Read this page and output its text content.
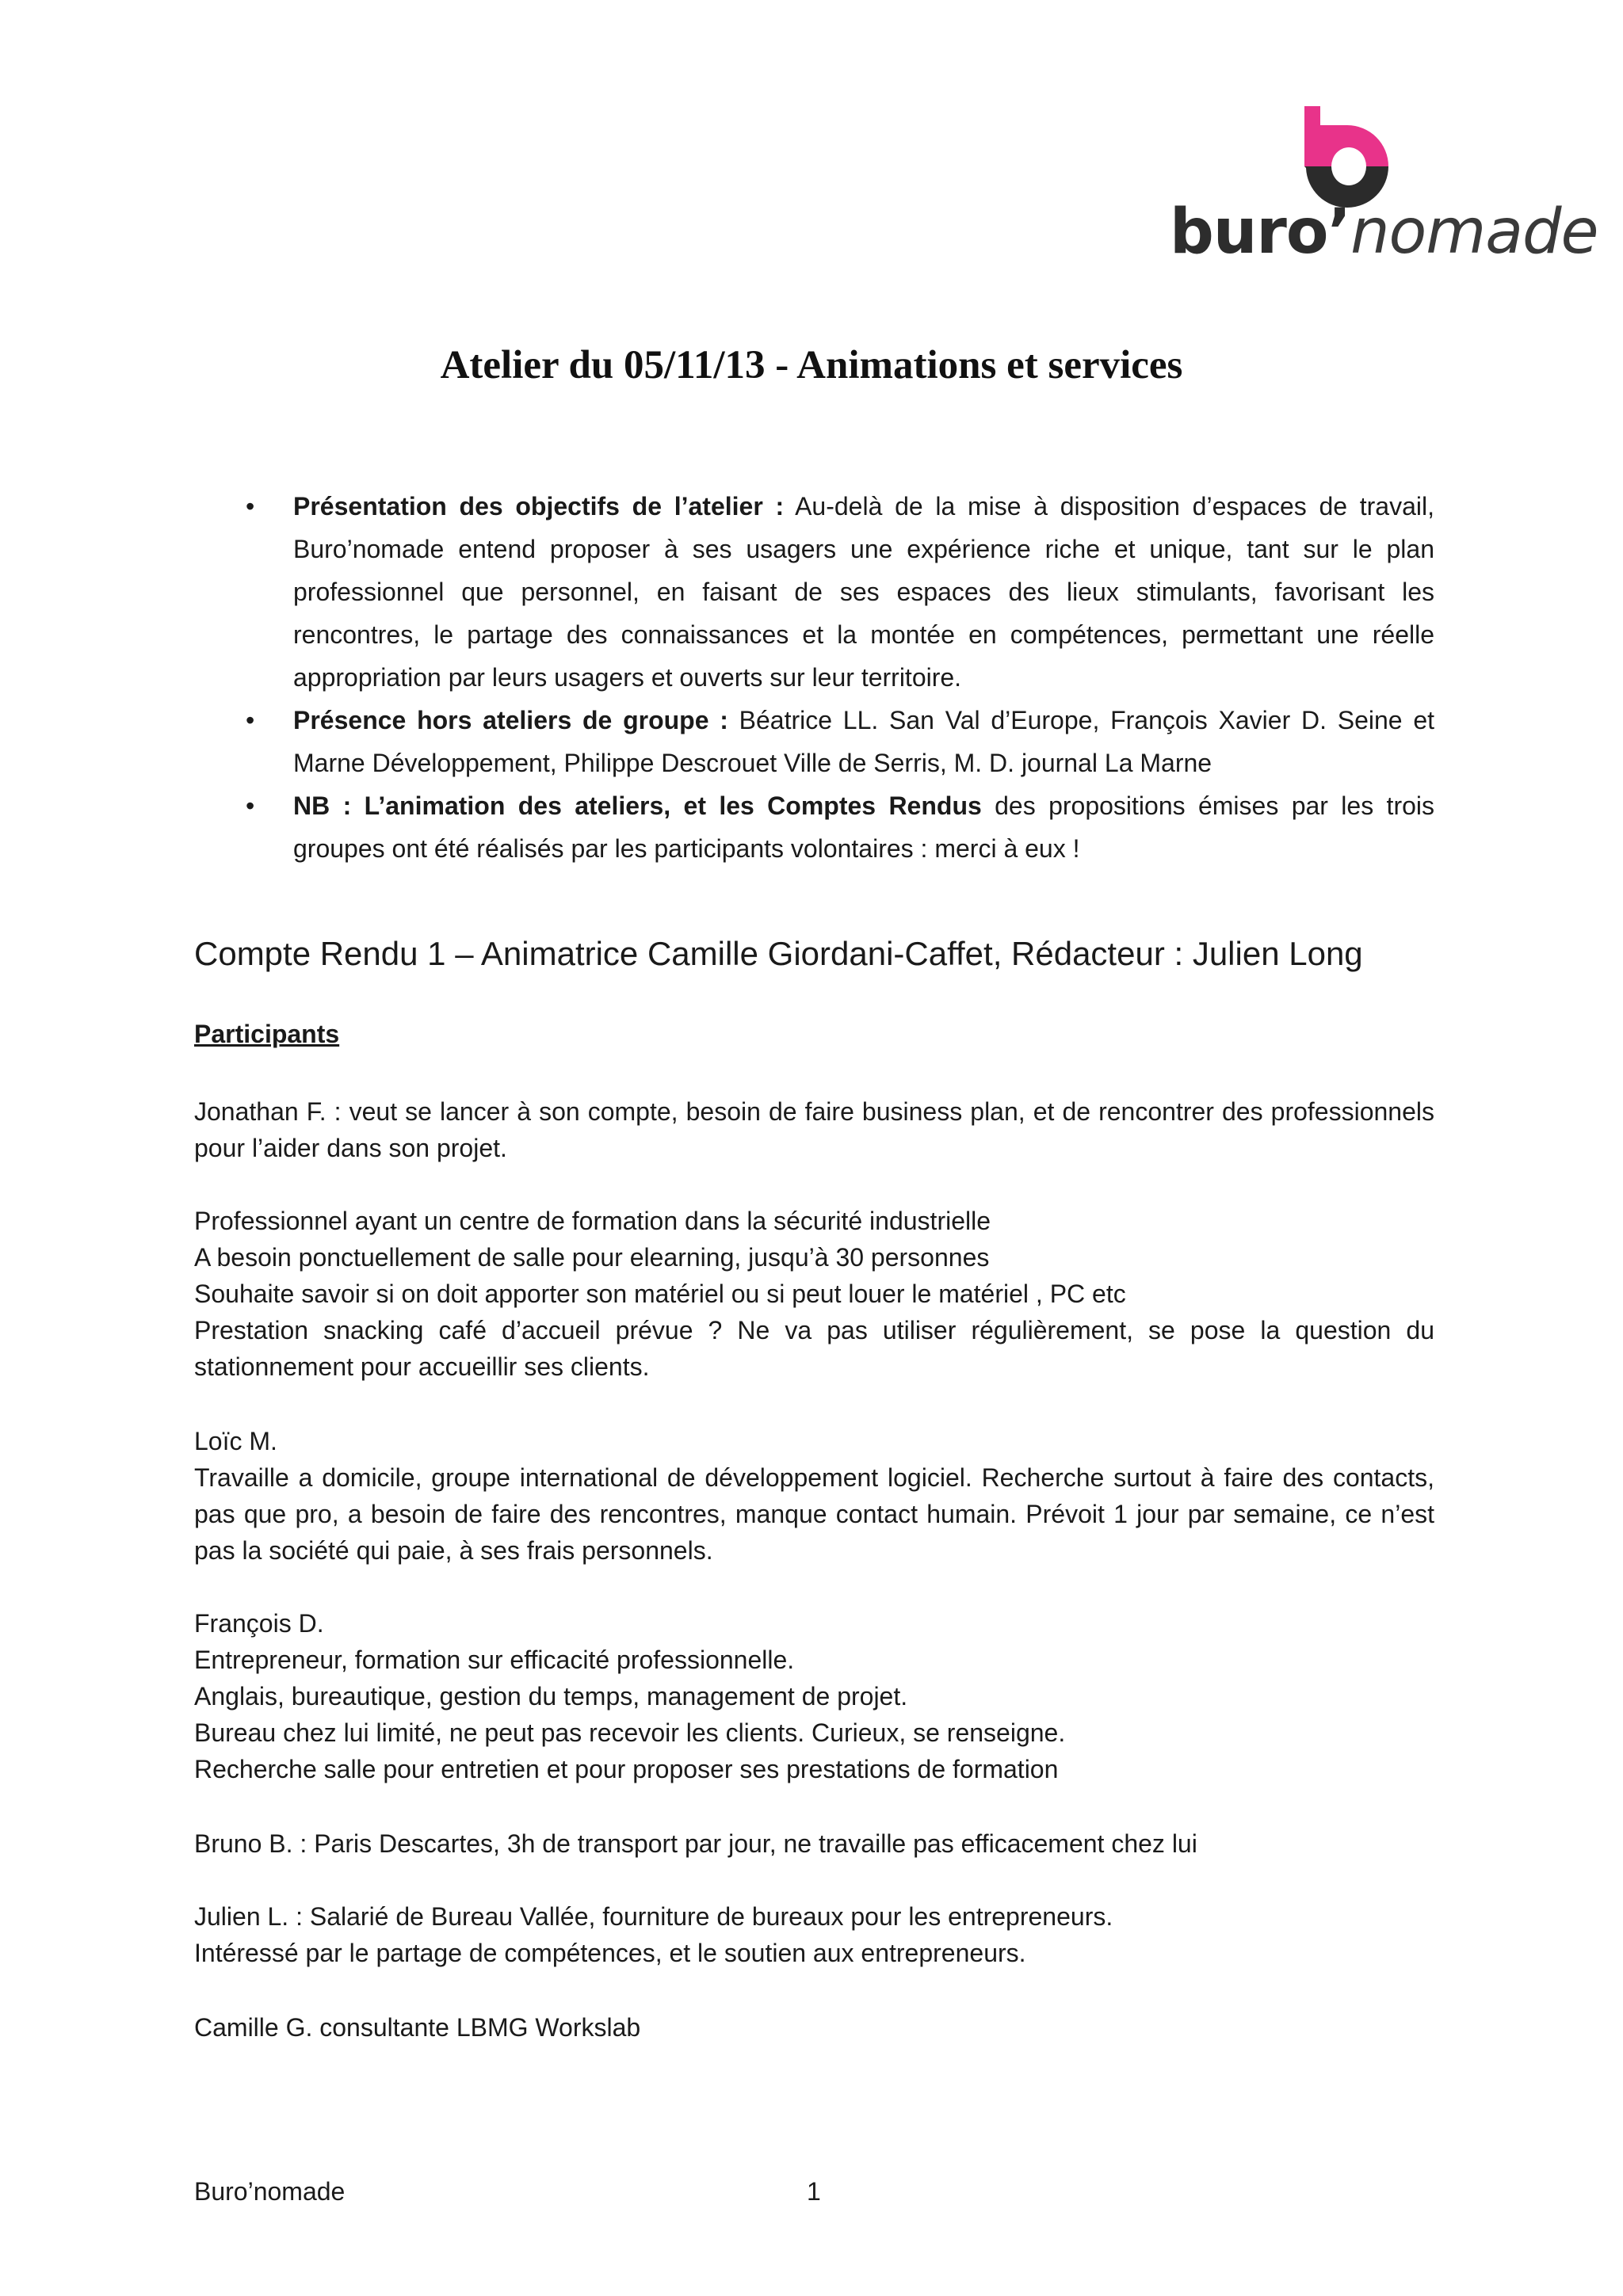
buro’nomade
Atelier du 05/11/13 - Animations et services
• Présentation des objectifs de l’atelier : Au-delà de la mise à disposition d’espaces de travail, Buro’nomade entend proposer à ses usagers une expérience riche et unique, tant sur le plan professionnel que personnel, en faisant de ses espaces des lieux stimulants, favorisant les rencontres, le partage des connaissances et la montée en compétences, permettant une réelle appropriation par leurs usagers et ouverts sur leur territoire.
• Présence hors ateliers de groupe : Béatrice LL. San Val d’Europe, François Xavier D. Seine et Marne Développement, Philippe Descrouet Ville de Serris, M. D. journal La Marne
• NB : L’animation des ateliers, et les Comptes Rendus des propositions émises par les trois groupes ont été réalisés par les participants volontaires : merci à eux !
Compte Rendu 1 – Animatrice Camille Giordani-Caffet, Rédacteur : Julien Long

Participants

Jonathan F. : veut se lancer à son compte, besoin de faire business plan, et de rencontrer des professionnels pour l’aider dans son projet.

Professionnel ayant un centre de formation dans la sécurité industrielle
A besoin ponctuellement de salle pour elearning, jusqu’à 30 personnes
Souhaite savoir si on doit apporter son matériel ou si peut louer le matériel , PC etc
Prestation snacking café d’accueil prévue ? Ne va pas utiliser régulièrement, se pose la question du stationnement pour accueillir ses clients.

Loïc M.
Travaille a domicile, groupe international de développement logiciel. Recherche surtout à faire des contacts, pas que pro, a besoin de faire des rencontres, manque contact humain. Prévoit 1 jour par semaine, ce n’est pas la société qui paie, à ses frais personnels.

François D.
Entrepreneur, formation sur efficacité professionnelle.
Anglais, bureautique, gestion du temps, management de projet.
Bureau chez lui limité, ne peut pas recevoir les clients. Curieux, se renseigne.
Recherche salle pour entretien et pour proposer ses prestations de formation

Bruno B. : Paris Descartes, 3h de transport par jour, ne travaille pas efficacement chez lui

Julien L. : Salarié de Bureau Vallée, fourniture de bureaux pour les entrepreneurs.
Intéressé par le partage de compétences, et le soutien aux entrepreneurs.

Camille G. consultante LBMG Workslab

Buro’nomade	1
